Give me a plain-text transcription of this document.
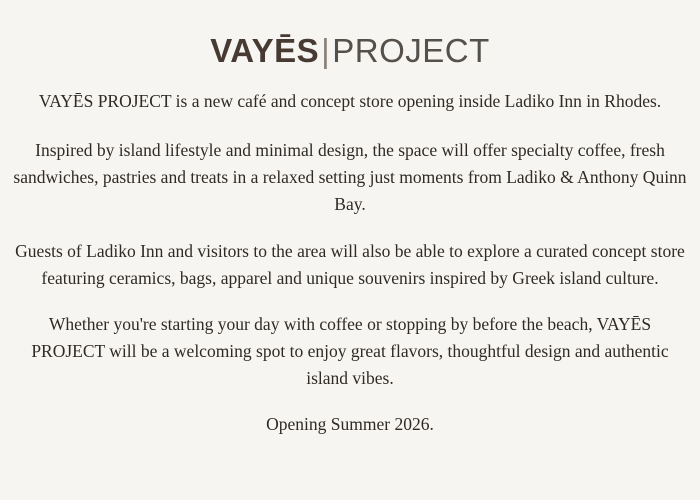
VAYĒS|PROJECT

VAYĒS PROJECT is a new café and concept store opening inside Ladiko Inn in Rhodes.

Inspired by island lifestyle and minimal design, the space will offer specialty coffee, fresh sandwiches, pastries and treats in a relaxed setting just moments from Ladiko & Anthony Quinn Bay.

Guests of Ladiko Inn and visitors to the area will also be able to explore a curated concept store featuring ceramics, bags, apparel and unique souvenirs inspired by Greek island culture.

Whether you're starting your day with coffee or stopping by before the beach, VAYĒS PROJECT will be a welcoming spot to enjoy great flavors, thoughtful design and authentic island vibes.

Opening Summer 2026.
